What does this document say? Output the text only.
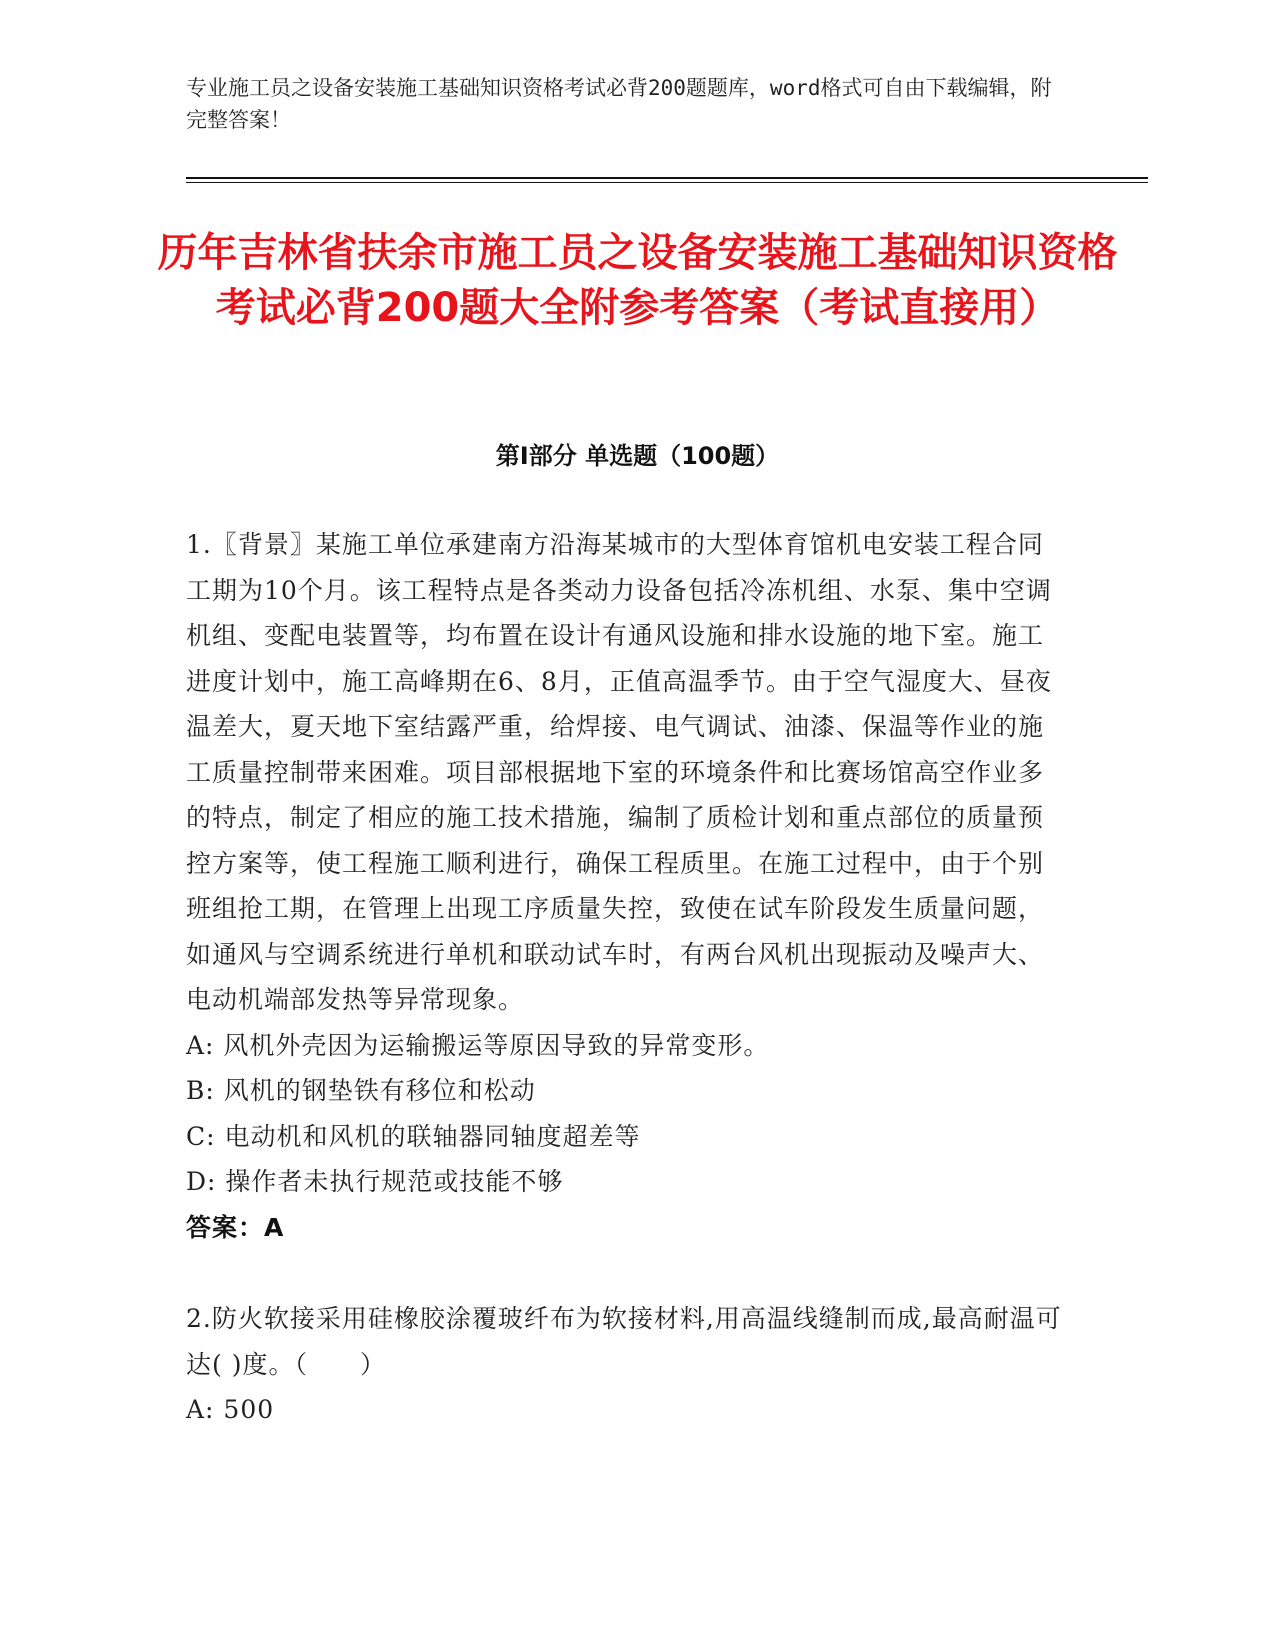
专业施工员之设备安装施工基础知识资格考试必背200题题库，word格式可自由下载编辑，附完整答案！
历年吉林省扶余市施工员之设备安装施工基础知识资格考试必背200题大全附参考答案（考试直接用）
第I部分 单选题（100题）

1.〖背景〗某施工单位承建南方沿海某城市的大型体育馆机电安装工程合同工期为10个月。该工程特点是各类动力设备包括冷冻机组、水泵、集中空调机组、变配电装置等，均布置在设计有通风设施和排水设施的地下室。施工进度计划中，施工高峰期在6、8月，正值高温季节。由于空气湿度大、昼夜温差大，夏天地下室结露严重，给焊接、电气调试、油漆、保温等作业的施工质量控制带来困难。项目部根据地下室的环境条件和比赛场馆高空作业多的特点，制定了相应的施工技术措施，编制了质检计划和重点部位的质量预控方案等，使工程施工顺利进行，确保工程质里。在施工过程中，由于个别班组抢工期，在管理上出现工序质量失控，致使在试车阶段发生质量问题，如通风与空调系统进行单机和联动试车时，有两台风机出现振动及噪声大、电动机端部发热等异常现象。

A: 风机外壳因为运输搬运等原因导致的异常变形。

B: 风机的钢垫铁有移位和松动

C: 电动机和风机的联轴器同轴度超差等

D: 操作者未执行规范或技能不够

答案：A

2.防火软接采用硅橡胶涂覆玻纤布为软接材料,用高温线缝制而成,最高耐温可达( )度。（　　）

A: 500
